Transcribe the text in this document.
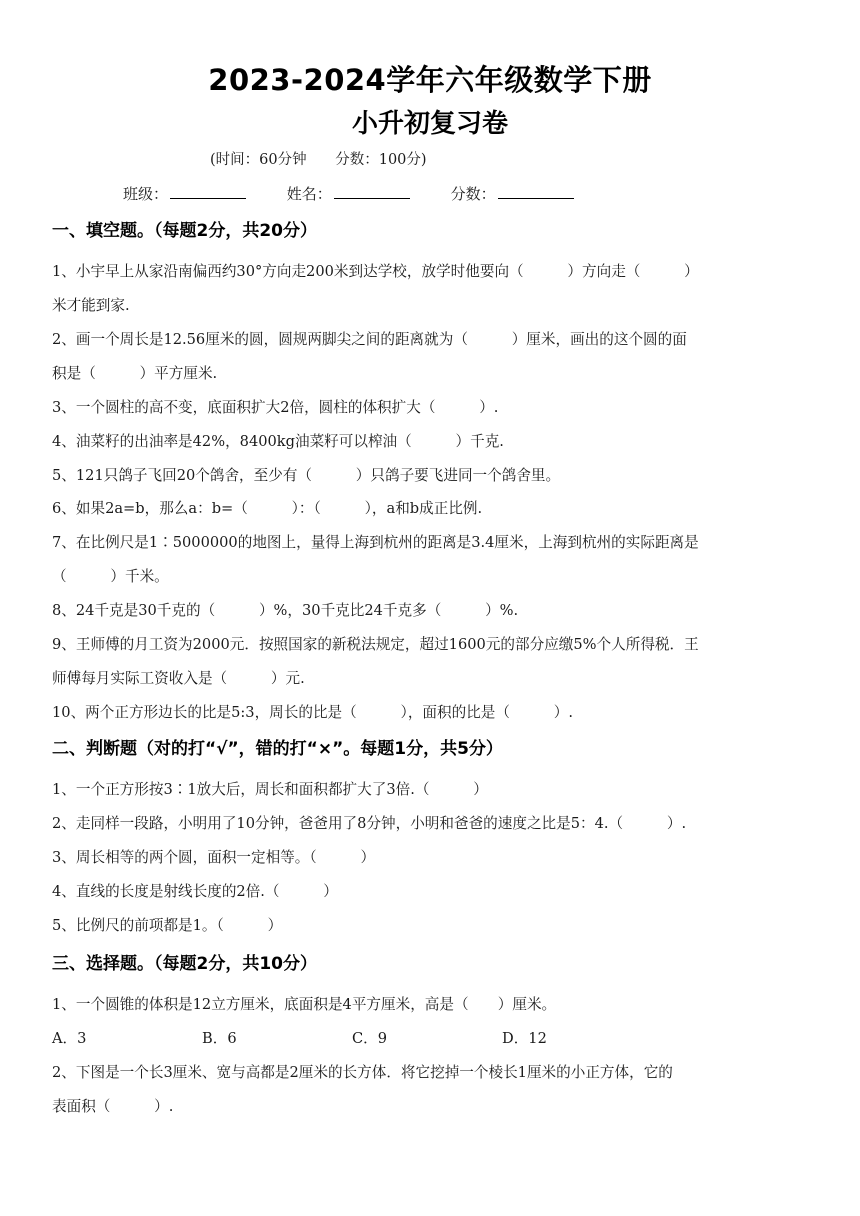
2023-2024学年六年级数学下册
小升初复习卷
(时间：60分钟 分数：100分)
班级：	姓名：	分数：
一、填空题。（每题2分，共20分）
1、小宇早上从家沿南偏西约30°方向走200米到达学校，放学时他要向（　　　）方向走（　　　）
米才能到家.
2、画一个周长是12.56厘米的圆，圆规两脚尖之间的距离就为（　　　）厘米，画出的这个圆的面
积是（　　　）平方厘米.
3、一个圆柱的高不变，底面积扩大2倍，圆柱的体积扩大（　　　）.
4、油菜籽的出油率是42%，8400kg油菜籽可以榨油（　　　）千克.
5、121只鸽子飞回20个鸽舍，至少有（　　　）只鸽子要飞进同一个鸽舍里。
6、如果2a=b，那么a：b=（　　　）：（　　　），a和b成正比例.
7、在比例尺是1∶5000000的地图上，量得上海到杭州的距离是3.4厘米，上海到杭州的实际距离是
（　　　）千米。
8、24千克是30千克的（　　　）%，30千克比24千克多（　　　）%.
9、王师傅的月工资为2000元．按照国家的新税法规定，超过1600元的部分应缴5%个人所得税．王
师傅每月实际工资收入是（　　　）元.
10、两个正方形边长的比是5:3，周长的比是（　　　），面积的比是（　　　）.
二、判断题（对的打“√”，错的打“×”。每题1分，共5分）
1、一个正方形按3∶1放大后，周长和面积都扩大了3倍.（　　　）
2、走同样一段路，小明用了10分钟，爸爸用了8分钟，小明和爸爸的速度之比是5：4.（　　　）.
3、周长相等的两个圆，面积一定相等。（　　　）
4、直线的长度是射线长度的2倍.（　　　）
5、比例尺的前项都是1。（　　　）
三、选择题。（每题2分，共10分）
1、一个圆锥的体积是12立方厘米，底面积是4平方厘米，高是（　　）厘米。
A．3	B．6	C．9	D．12
2、下图是一个长3厘米、宽与高都是2厘米的长方体．将它挖掉一个棱长1厘米的小正方体，它的
表面积（　　　）.
